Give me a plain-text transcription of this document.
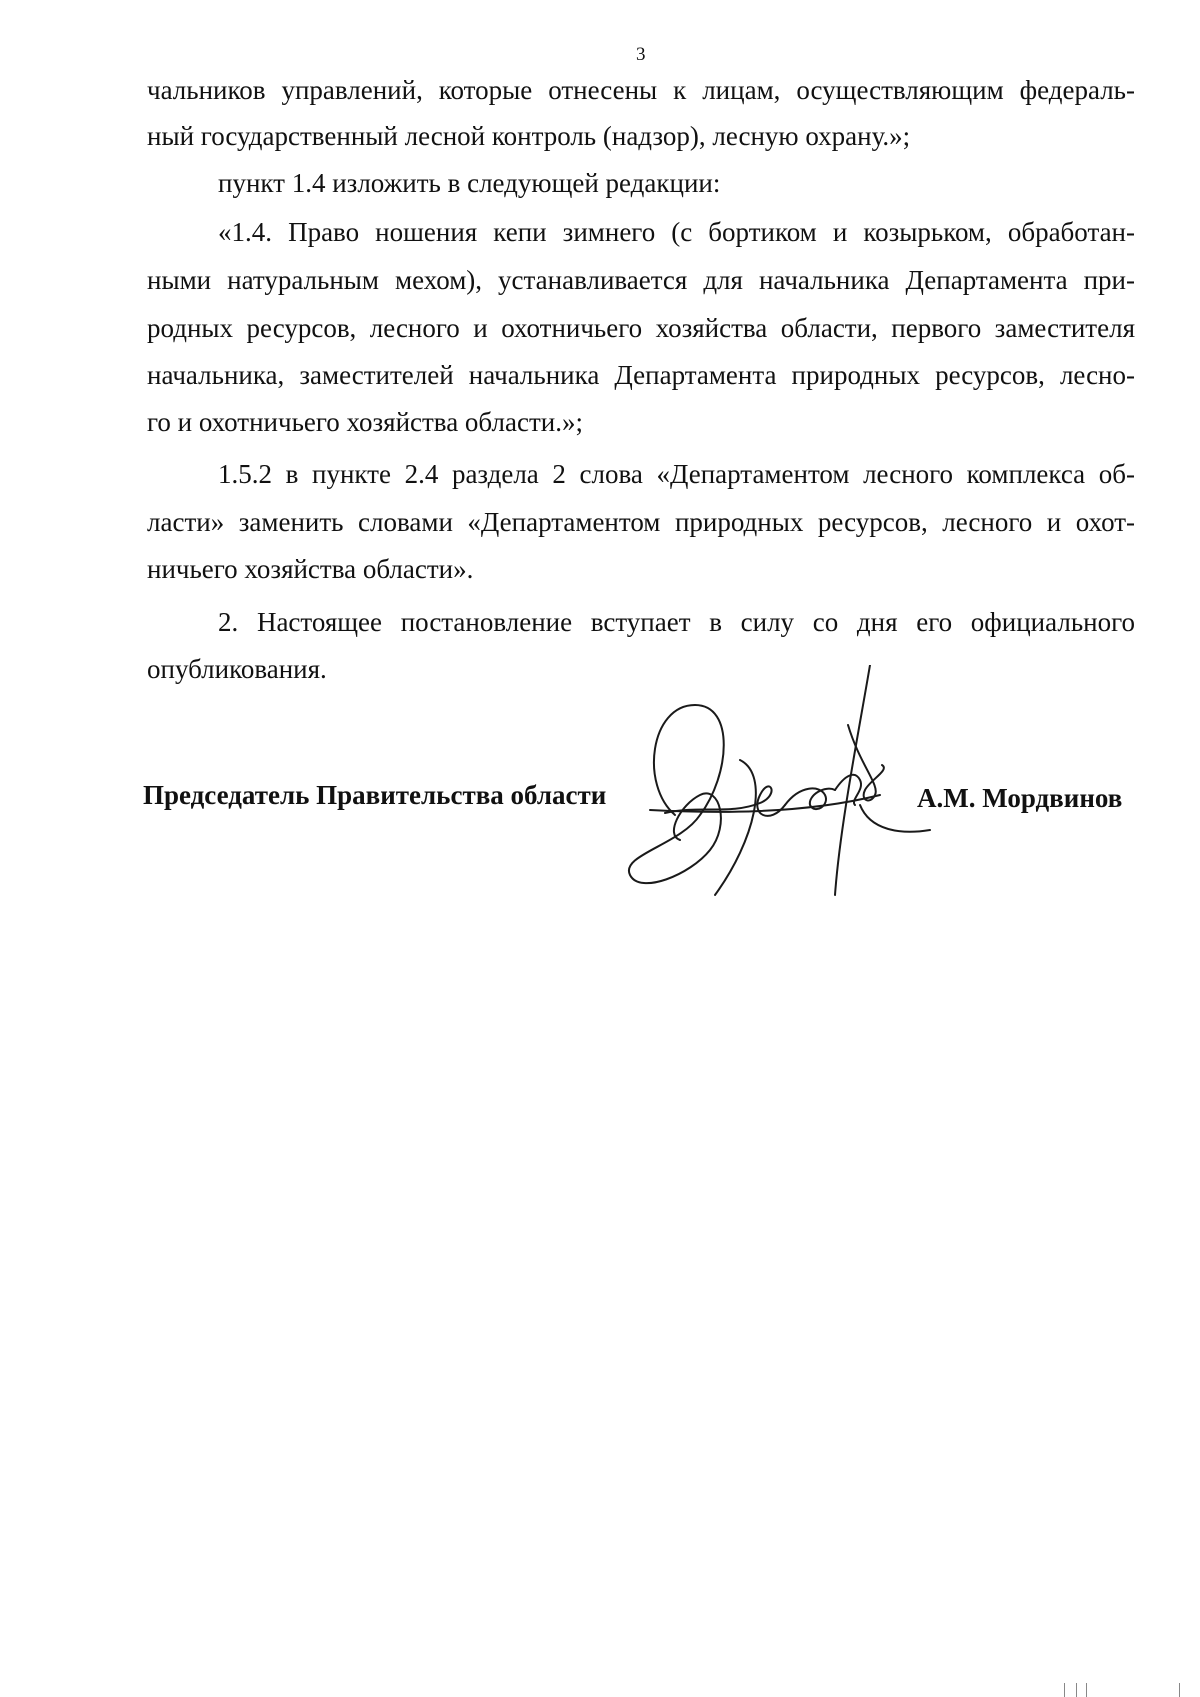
3
чальников управлений, которые отнесены к лицам, осуществляющим федераль-
ный государственный лесной контроль (надзор), лесную охрану.»;
пункт 1.4 изложить в следующей редакции:
«1.4. Право ношения кепи зимнего (с бортиком и козырьком, обработан-
ными натуральным мехом), устанавливается для начальника Департамента при-
родных ресурсов, лесного и охотничьего хозяйства области, первого заместителя
начальника, заместителей начальника Департамента природных ресурсов, лесно-
го и охотничьего хозяйства области.»;
1.5.2 в пункте 2.4 раздела 2 слова «Департаментом лесного комплекса об-
ласти» заменить словами «Департаментом природных ресурсов, лесного и охот-
ничьего хозяйства области».
2. Настоящее постановление вступает в силу со дня его официального
опубликования.
Председатель Правительства области	А.М. Мордвинов
